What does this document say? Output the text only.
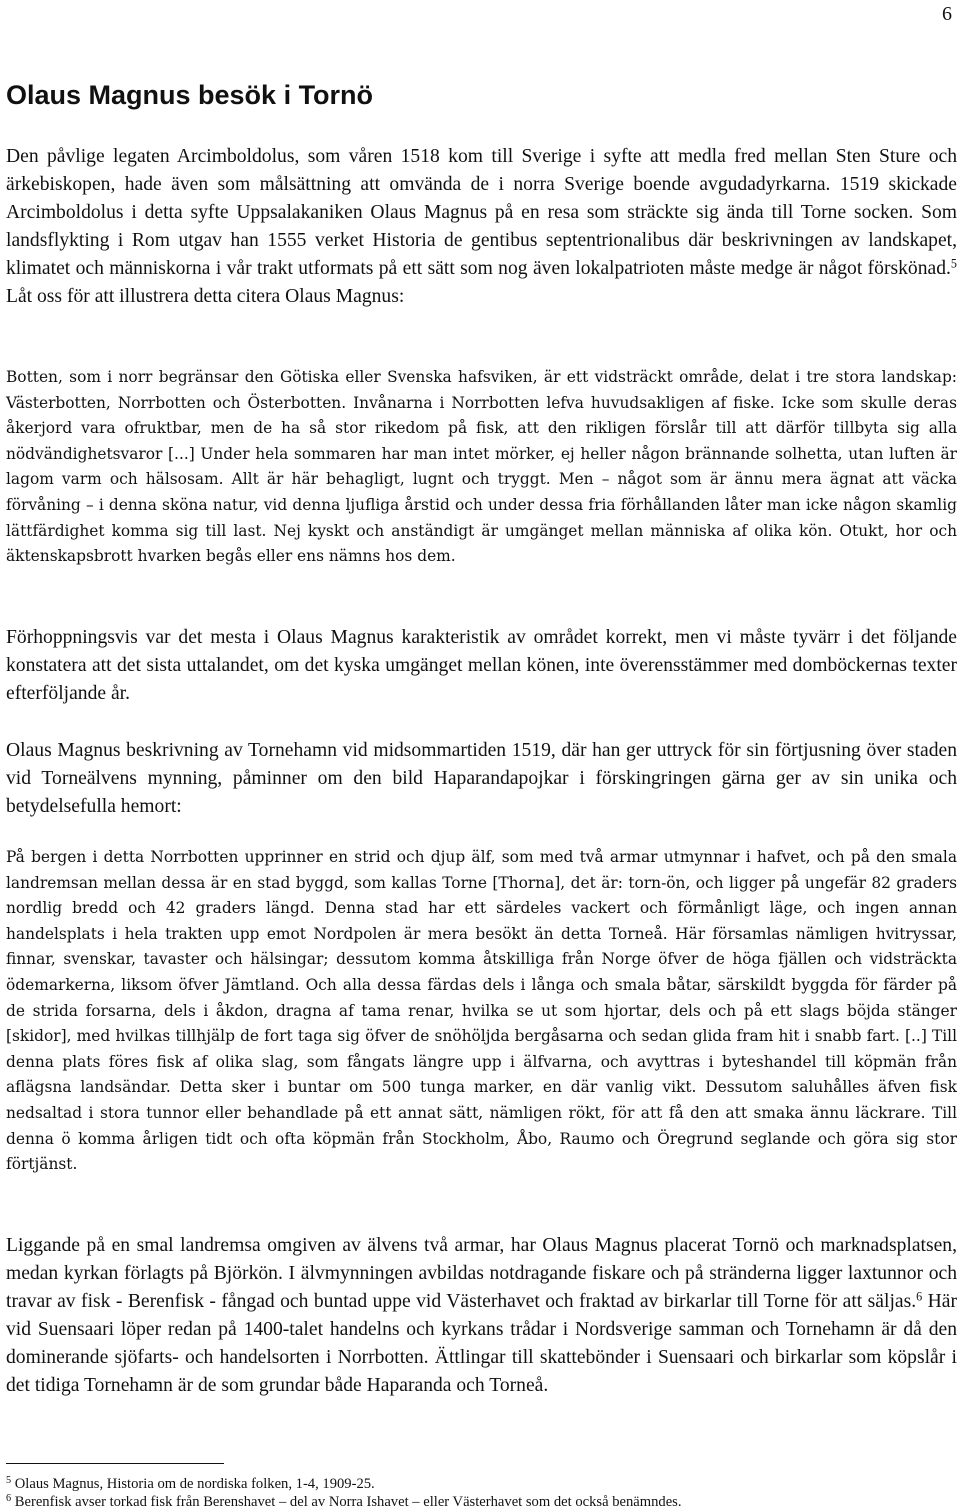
6
Olaus Magnus besök i Tornö

Den påvlige legaten Arcimboldolus, som våren 1518 kom till Sverige i syfte att medla fred mellan Sten Sture och ärkebiskopen, hade även som målsättning att omvända de i norra Sverige boende avgudadyrkarna. 1519 skickade Arcimboldolus i detta syfte Uppsalakaniken Olaus Magnus på en resa som sträckte sig ända till Torne socken. Som landsflykting i Rom utgav han 1555 verket Historia de gentibus septentrionalibus där beskrivningen av landskapet, klimatet och människorna i vår trakt utformats på ett sätt som nog även lokalpatrioten måste medge är något förskönad.$^5$ Låt oss för att illustrera detta citera Olaus Magnus:

Botten, som i norr begränsar den Götiska eller Svenska hafsviken, är ett vidsträckt område, delat i tre stora landskap: Västerbotten, Norrbotten och Österbotten. Invånarna i Norrbotten lefva huvudsakligen af fiske. Icke som skulle deras åkerjord vara ofruktbar, men de ha så stor rikedom på fisk, att den rikligen förslår till att därför tillbyta sig alla nödvändighetsvaror [...] Under hela sommaren har man intet mörker, ej heller någon brännande solhetta, utan luften är lagom varm och hälsosam. Allt är här behagligt, lugnt och tryggt. Men – något som är ännu mera ägnat att väcka förvåning – i denna sköna natur, vid denna ljufliga årstid och under dessa fria förhållanden låter man icke någon skamlig lättfärdighet komma sig till last. Nej kyskt och anständigt är umgänget mellan människa af olika kön. Otukt, hor och äktenskapsbrott hvarken begås eller ens nämns hos dem.

Förhoppningsvis var det mesta i Olaus Magnus karakteristik av området korrekt, men vi måste tyvärr i det följande konstatera att det sista uttalandet, om det kyska umgänget mellan könen, inte överensstämmer med domböckernas texter efterföljande år.

Olaus Magnus beskrivning av Tornehamn vid midsommartiden 1519, där han ger uttryck för sin förtjusning över staden vid Torneälvens mynning, påminner om den bild Haparandapojkar i förskingringen gärna ger av sin unika och betydelsefulla hemort:

På bergen i detta Norrbotten upprinner en strid och djup älf, som med två armar utmynnar i hafvet, och på den smala landremsan mellan dessa är en stad byggd, som kallas Torne [Thorna], det är: torn-ön, och ligger på ungefär 82 graders nordlig bredd och 42 graders längd. Denna stad har ett särdeles vackert och förmånligt läge, och ingen annan handelsplats i hela trakten upp emot Nordpolen är mera besökt än detta Torneå. Här församlas nämligen hvitryssar, finnar, svenskar, tavaster och hälsingar; dessutom komma åtskilliga från Norge öfver de höga fjällen och vidsträckta ödemarkerna, liksom öfver Jämtland. Och alla dessa färdas dels i långa och smala båtar, särskildt byggda för färder på de strida forsarna, dels i åkdon, dragna af tama renar, hvilka se ut som hjortar, dels och på ett slags böjda stänger [skidor], med hvilkas tillhjälp de fort taga sig öfver de snöhöljda bergåsarna och sedan glida fram hit i snabb fart. [..] Till denna plats föres fisk af olika slag, som fångats längre upp i älfvarna, och avyttras i byteshandel till köpmän från aflägsna landsändar. Detta sker i buntar om 500 tunga marker, en där vanlig vikt. Dessutom saluhålles äfven fisk nedsaltad i stora tunnor eller behandlade på ett annat sätt, nämligen rökt, för att få den att smaka ännu läckrare. Till denna ö komma årligen tidt och ofta köpmän från Stockholm, Åbo, Raumo och Öregrund seglande och göra sig stor förtjänst.

Liggande på en smal landremsa omgiven av älvens två armar, har Olaus Magnus placerat Tornö och marknadsplatsen, medan kyrkan förlagts på Björkön. I älvmynningen avbildas notdragande fiskare och på stränderna ligger laxtunnor och travar av fisk - Berenfisk - fångad och buntad uppe vid Västerhavet och fraktad av birkarlar till Torne för att säljas.$^6$ Här vid Suensaari löper redan på 1400-talet handelns och kyrkans trådar i Nordsverige samman och Tornehamn är då den dominerande sjöfarts- och handelsorten i Norrbotten. Ättlingar till skattebönder i Suensaari och birkarlar som köpslår i det tidiga Tornehamn är de som grundar både Haparanda och Torneå.

$^5$ Olaus Magnus, Historia om de nordiska folken, 1-4, 1909-25.

$^6$ Berenfisk avser torkad fisk från Berenshavet – del av Norra Ishavet – eller Västerhavet som det också benämndes.
